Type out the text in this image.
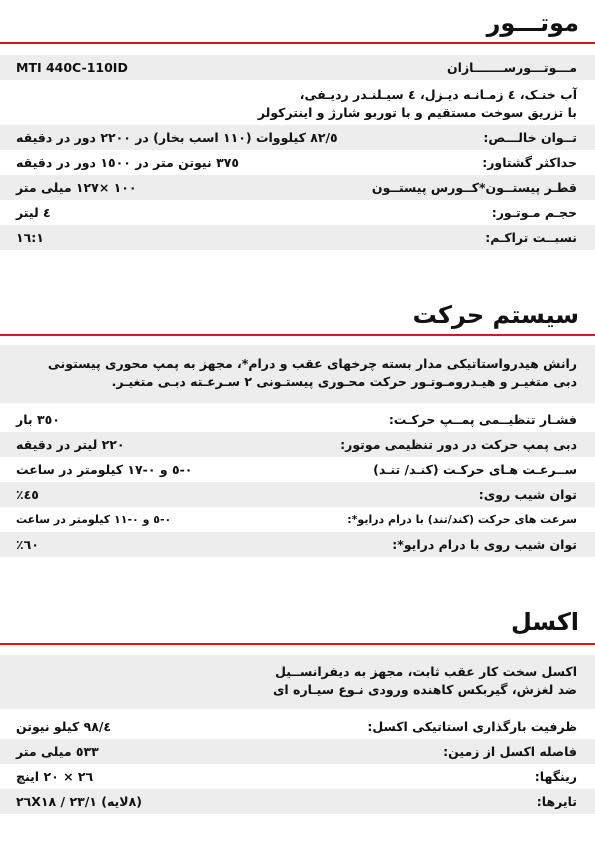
موتـــور
مـــوتـــورســـــــازان
MTI 440C-110ID

آب خنـک، ٤ زمـانـه دیـزل، ٤ سیـلنـدر ردیـفی،
با تزریق سوخت مستقیم و با توربو شارژ و اینترکولر

تــوان خالـــص:
٨٢/٥ کیلووات (١١٠ اسب بخار) در ٢٢٠٠ دور در دقیقه
حداکثر گشتاور:
٣٧٥ نیوتن متر در ١٥٠٠ دور در دقیقه
قطـر پیستــون*کــورس پیستــون
١٠٠ ×١٢٧ میلی متر
حجـم مـوتـور:
٤ لیتر
نسبــت تراکـم:
١٦:١
سیستم حرکت

رانش هیدرواستاتیکی مدار بسته چرخهای عقب و درام*، مجهز به پمپ محوری پیستونی
دبی متغیـر و هیـدرومـوتـور حرکت محـوری پیستـونی ٢ سـرعـته دبـی متغیـر.

فشـار تنظیــمی پمــپ حرکـت:
٣٥٠ بار
دبی پمپ حرکت در دور تنظیمی موتور:
٢٢٠ لیتر در دقیقه
ســرعـت هـای حرکـت (کنـد/ تنـد)
٠-٥ و ٠-١٧ کیلومتر در ساعت
توان شیب روی:
٤٥٪
سرعت های حرکت (کند/تند) با درام درایو*:
٠-٥ و ٠-١١ کیلومتر در ساعت
توان شیب روی با درام درایو*:
٦٠٪
اکسل

اکسل سخت کار عقب ثابت، مجهز به دیفرانســیل
ضد لغزش، گیربکس کاهنده ورودی نـوع سیـاره ای

ظرفیت بارگذاری استاتیکی اکسل:
٩٨/٤ کیلو نیوتن
فاصله اکسل از زمین:
٥٣٣ میلی متر
رینگها:
٢٦ × ٢٠ اینچ
تایرها:
(٨لایه) ٢٣/١ / ٢٦X١٨
